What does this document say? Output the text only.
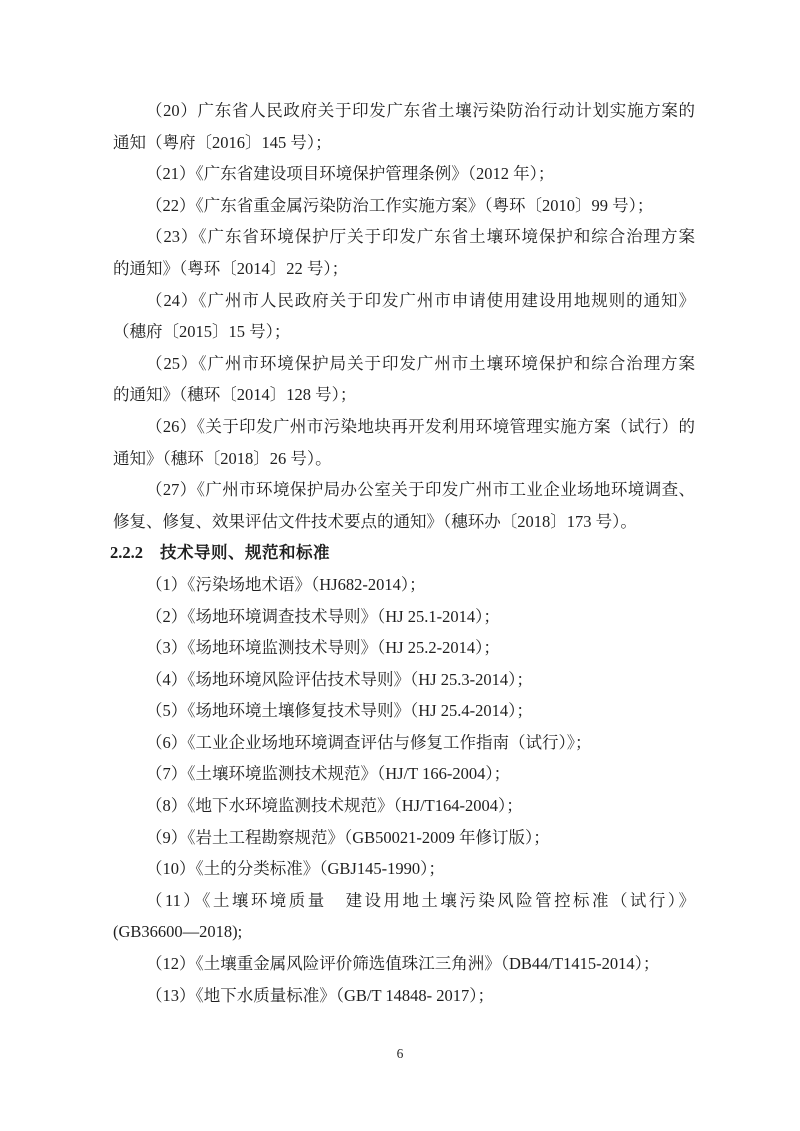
（20）广东省人民政府关于印发广东省土壤污染防治行动计划实施方案的
通知（粤府〔2016〕145 号）；
（21）《广东省建设项目环境保护管理条例》（2012 年）；
（22）《广东省重金属污染防治工作实施方案》（粤环〔2010〕99 号）；
（23）《广东省环境保护厅关于印发广东省土壤环境保护和综合治理方案
的通知》（粤环〔2014〕22 号）；
（24）《广州市人民政府关于印发广州市申请使用建设用地规则的通知》
（穗府〔2015〕15 号）；
（25）《广州市环境保护局关于印发广州市土壤环境保护和综合治理方案
的通知》（穗环〔2014〕128 号）；
（26）《关于印发广州市污染地块再开发利用环境管理实施方案（试行）的
通知》（穗环〔2018〕26 号）。
（27）《广州市环境保护局办公室关于印发广州市工业企业场地环境调查、
修复、修复、效果评估文件技术要点的通知》（穗环办〔2018〕173 号）。
2.2.2 技术导则、规范和标准
（1）《污染场地术语》（HJ682-2014）；
（2）《场地环境调查技术导则》（HJ 25.1-2014）；
（3）《场地环境监测技术导则》（HJ 25.2-2014）；
（4）《场地环境风险评估技术导则》（HJ 25.3-2014）；
（5）《场地环境土壤修复技术导则》（HJ 25.4-2014）；
（6）《工业企业场地环境调查评估与修复工作指南（试行）》；
（7）《土壤环境监测技术规范》（HJ/T 166-2004）；
（8）《地下水环境监测技术规范》（HJ/T164-2004）；
（9）《岩土工程勘察规范》（GB50021-2009 年修订版）；
（10）《土的分类标准》（GBJ145-1990）；
（11）《土壤环境质量　建设用地土壤污染风险管控标准（试行）》
(GB36600—2018);
（12）《土壤重金属风险评价筛选值珠江三角洲》（DB44/T1415-2014）；
（13）《地下水质量标准》（GB/T 14848- 2017）；
6
